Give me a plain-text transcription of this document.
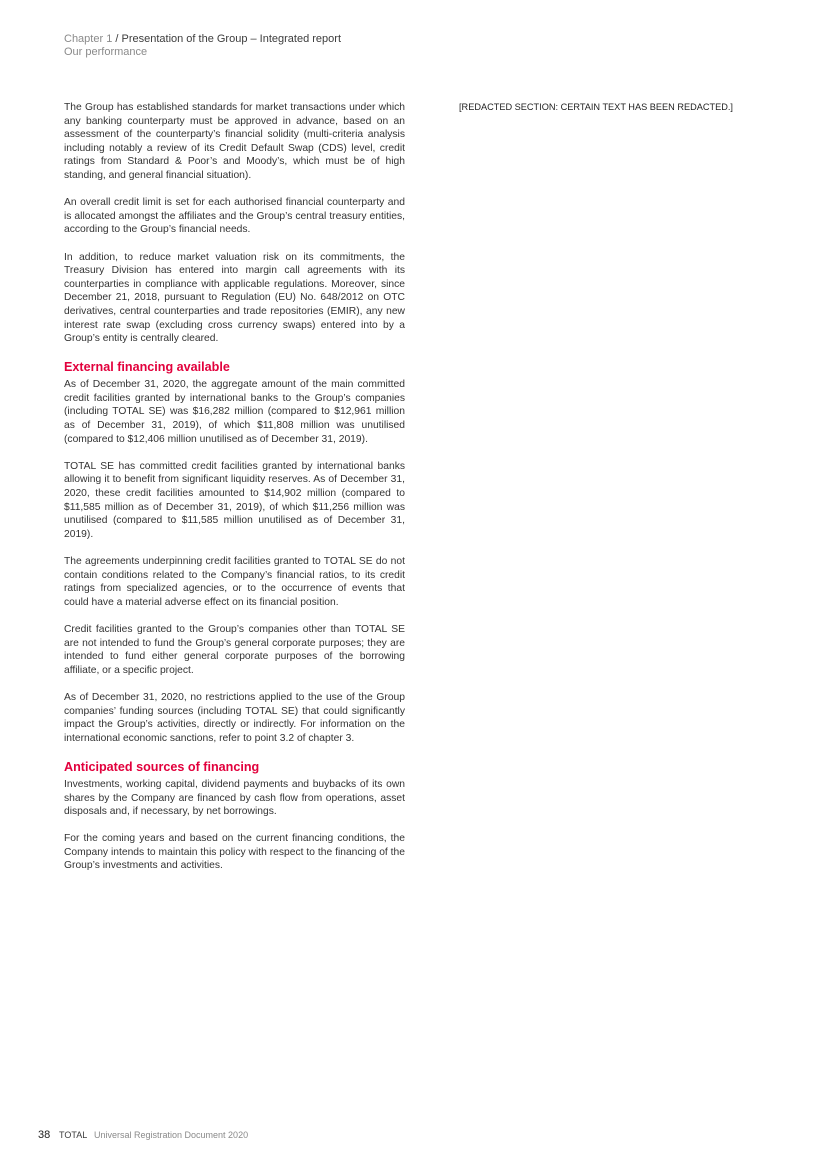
Chapter 1 / Presentation of the Group – Integrated report
Our performance

The Group has established standards for market transactions under which any banking counterparty must be approved in advance, based on an assessment of the counterparty’s financial solidity (multi-criteria analysis including notably a review of its Credit Default Swap (CDS) level, credit ratings from Standard & Poor’s and Moody’s, which must be of high standing, and general financial situation).

An overall credit limit is set for each authorised financial counterparty and is allocated amongst the affiliates and the Group’s central treasury entities, according to the Group’s financial needs.

In addition, to reduce market valuation risk on its commitments, the Treasury Division has entered into margin call agreements with its counterparties in compliance with applicable regulations. Moreover, since December 21, 2018, pursuant to Regulation (EU) No. 648/2012 on OTC derivatives, central counterparties and trade repositories (EMIR), any new interest rate swap (excluding cross currency swaps) entered into by a Group’s entity is centrally cleared.

External financing available

As of December 31, 2020, the aggregate amount of the main committed credit facilities granted by international banks to the Group’s companies (including TOTAL SE) was $16,282 million (compared to $12,961 million as of December 31, 2019), of which $11,808 million was unutilised (compared to $12,406 million unutilised as of December 31, 2019).

TOTAL SE has committed credit facilities granted by international banks allowing it to benefit from significant liquidity reserves. As of December 31, 2020, these credit facilities amounted to $14,902 million (compared to $11,585 million as of December 31, 2019), of which $11,256 million was unutilised (compared to $11,585 million unutilised as of December 31, 2019).

The agreements underpinning credit facilities granted to TOTAL SE do not contain conditions related to the Company’s financial ratios, to its credit ratings from specialized agencies, or to the occurrence of events that could have a material adverse effect on its financial position.

Credit facilities granted to the Group’s companies other than TOTAL SE are not intended to fund the Group’s general corporate purposes; they are intended to fund either general corporate purposes of the borrowing affiliate, or a specific project.

As of December 31, 2020, no restrictions applied to the use of the Group companies’ funding sources (including TOTAL SE) that could significantly impact the Group’s activities, directly or indirectly. For information on the international economic sanctions, refer to point 3.2 of chapter 3.

Anticipated sources of financing

Investments, working capital, dividend payments and buybacks of its own shares by the Company are financed by cash flow from operations, asset disposals and, if necessary, by net borrowings.

For the coming years and based on the current financing conditions, the Company intends to maintain this policy with respect to the financing of the Group’s investments and activities.

[REDACTED SECTION: CERTAIN TEXT HAS BEEN REDACTED.]
38 TOTAL Universal Registration Document 2020
